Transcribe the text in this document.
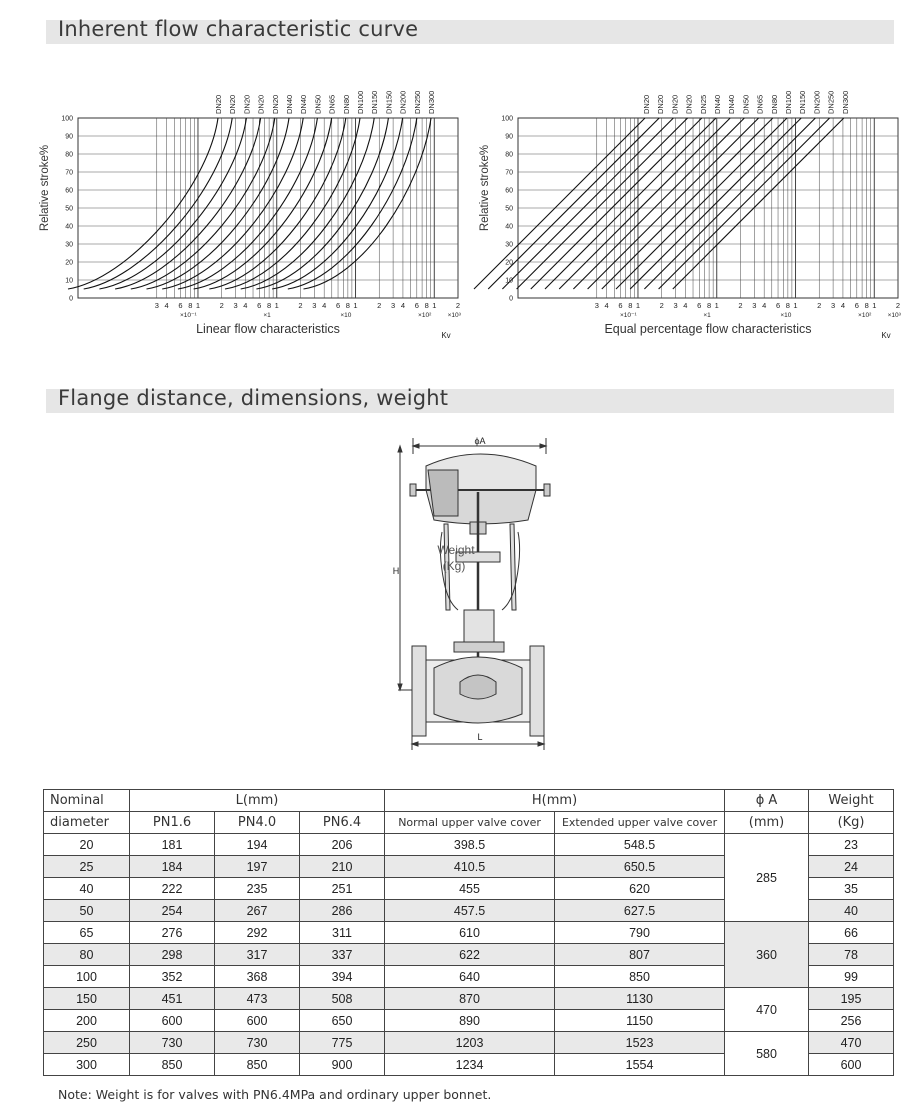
Inherent flow characteristic curve
0
10
20
30
40
50
60
70
80
90
100
Relative stroke%
3 4 6 8 1	2 3 4 6 8 1	2 3 4 6 8 1	2 3 4 6 8 1	2
×10⁻¹	×1	×10	×10²	×10³
Linear flow characteristics	Kv
DN20 DN20 DN20 DN20 DN20 DN40 DN40 DN50 DN65 DN80 DN100 DN150 DN150 DN200 DN250 DN300
0
10
20
30
40
50
60
70
80
90
100
Relative stroke%
3 4 6 8 1	2 3 4 6 8 1	2 3 4 6 8 1	2 3 4 6 8 1	2
×10⁻¹	×1	×10	×10²	×10³
Equal percentage flow characteristics	Kv
DN20 DN20 DN20 DN20 DN25 DN40 DN40 DN50 DN65 DN80 DN100 DN150 DN200 DN250 DN300
Flange distance, dimensions, weight
ϕA
H
L
Weight
(Kg)
Nominal	L(mm)			H(mm)		ϕ A	Weight
diameter	PN1.6	PN4.0	PN6.4	Normal upper valve cover	Extended upper valve cover	(mm)	(Kg)
20	181	194	206	398.5	548.5	285	23
25	184	197	210	410.5	650.5		24
40	222	235	251	455	620		35
50	254	267	286	457.5	627.5		40
65	276	292	311	610	790	360	66
80	298	317	337	622	807		78
100	352	368	394	640	850		99
150	451	473	508	870	1130	470	195
200	600	600	650	890	1150		256
250	730	730	775	1203	1523	580	470
300	850	850	900	1234	1554		600
Note: Weight is for valves with PN6.4MPa and ordinary upper bonnet.
